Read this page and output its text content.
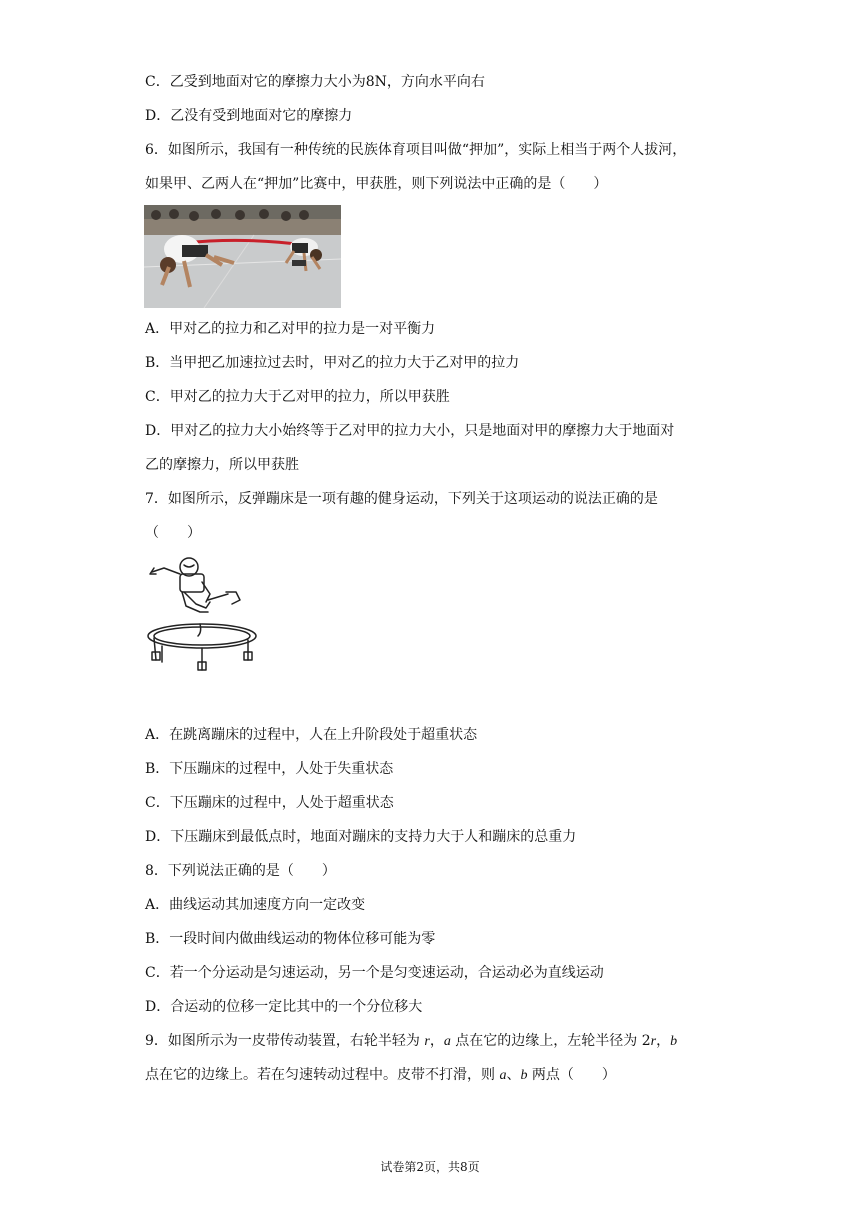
C．乙受到地面对它的摩擦力大小为8N，方向水平向右
D．乙没有受到地面对它的摩擦力
6．如图所示，我国有一种传统的民族体育项目叫做“押加”，实际上相当于两个人拔河，
如果甲、乙两人在“押加”比赛中，甲获胜，则下列说法中正确的是（　　）
A．甲对乙的拉力和乙对甲的拉力是一对平衡力
B．当甲把乙加速拉过去时，甲对乙的拉力大于乙对甲的拉力
C．甲对乙的拉力大于乙对甲的拉力，所以甲获胜
D．甲对乙的拉力大小始终等于乙对甲的拉力大小，只是地面对甲的摩擦力大于地面对
乙的摩擦力，所以甲获胜
7．如图所示，反弹蹦床是一项有趣的健身运动，下列关于这项运动的说法正确的是
（　　）
A．在跳离蹦床的过程中，人在上升阶段处于超重状态
B．下压蹦床的过程中，人处于失重状态
C．下压蹦床的过程中，人处于超重状态
D．下压蹦床到最低点时，地面对蹦床的支持力大于人和蹦床的总重力
8．下列说法正确的是（　　）
A．曲线运动其加速度方向一定改变
B．一段时间内做曲线运动的物体位移可能为零
C．若一个分运动是匀速运动，另一个是匀变速运动，合运动必为直线运动
D．合运动的位移一定比其中的一个分位移大
9．如图所示为一皮带传动装置，右轮半轻为 r，a 点在它的边缘上，左轮半径为 2r，b
点在它的边缘上。若在匀速转动过程中。皮带不打滑，则 a、b 两点（　　）
试卷第2页，共8页
